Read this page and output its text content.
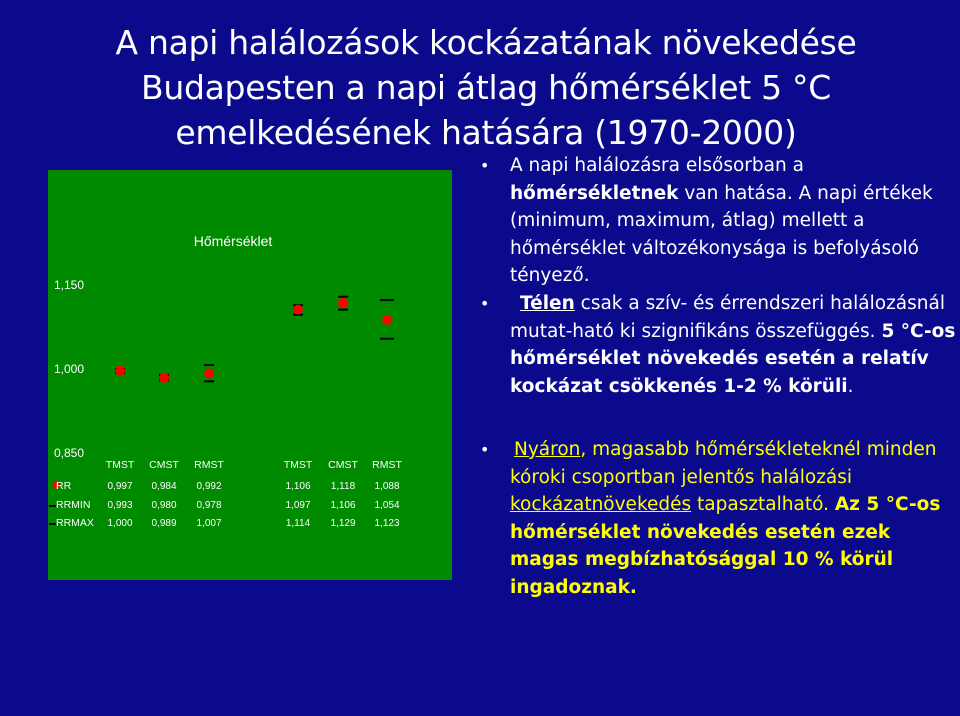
A napi halálozások kockázatának növekedése
Budapesten a napi átlag hőmérséklet 5 °C
emelkedésének hatására (1970-2000)
Hőmérséklet
1,150
1,000
0,850
TMST CMST RMST	TMST CMST RMST
RR	0,997 0,984 0,992	1,106 1,118 1,088
RRMIN 0,993 0,980 0,978	1,097 1,106 1,054
RRMAX 1,000 0,989 1,007	1,114 1,129 1,123
• A napi halálozásra elsősorban a hőmérsékletnek van hatása. A napi értékek (minimum, maximum, átlag) mellett a hőmérséklet változékonysága is befolyásoló tényező.
• Télen csak a szív- és érrendszeri halálozásnál mutat-ható ki szignifikáns összefüggés. 5 °C-os hőmérséklet növekedés esetén a relatív kockázat csökkenés 1-2 % körüli.
• Nyáron, magasabb hőmérsékleteknél minden kóroki csoportban jelentős halálozási kockázatnövekedés tapasztalható. Az 5 °C-os hőmérséklet növekedés esetén ezek magas megbízhatósággal 10 % körül ingadoznak.
